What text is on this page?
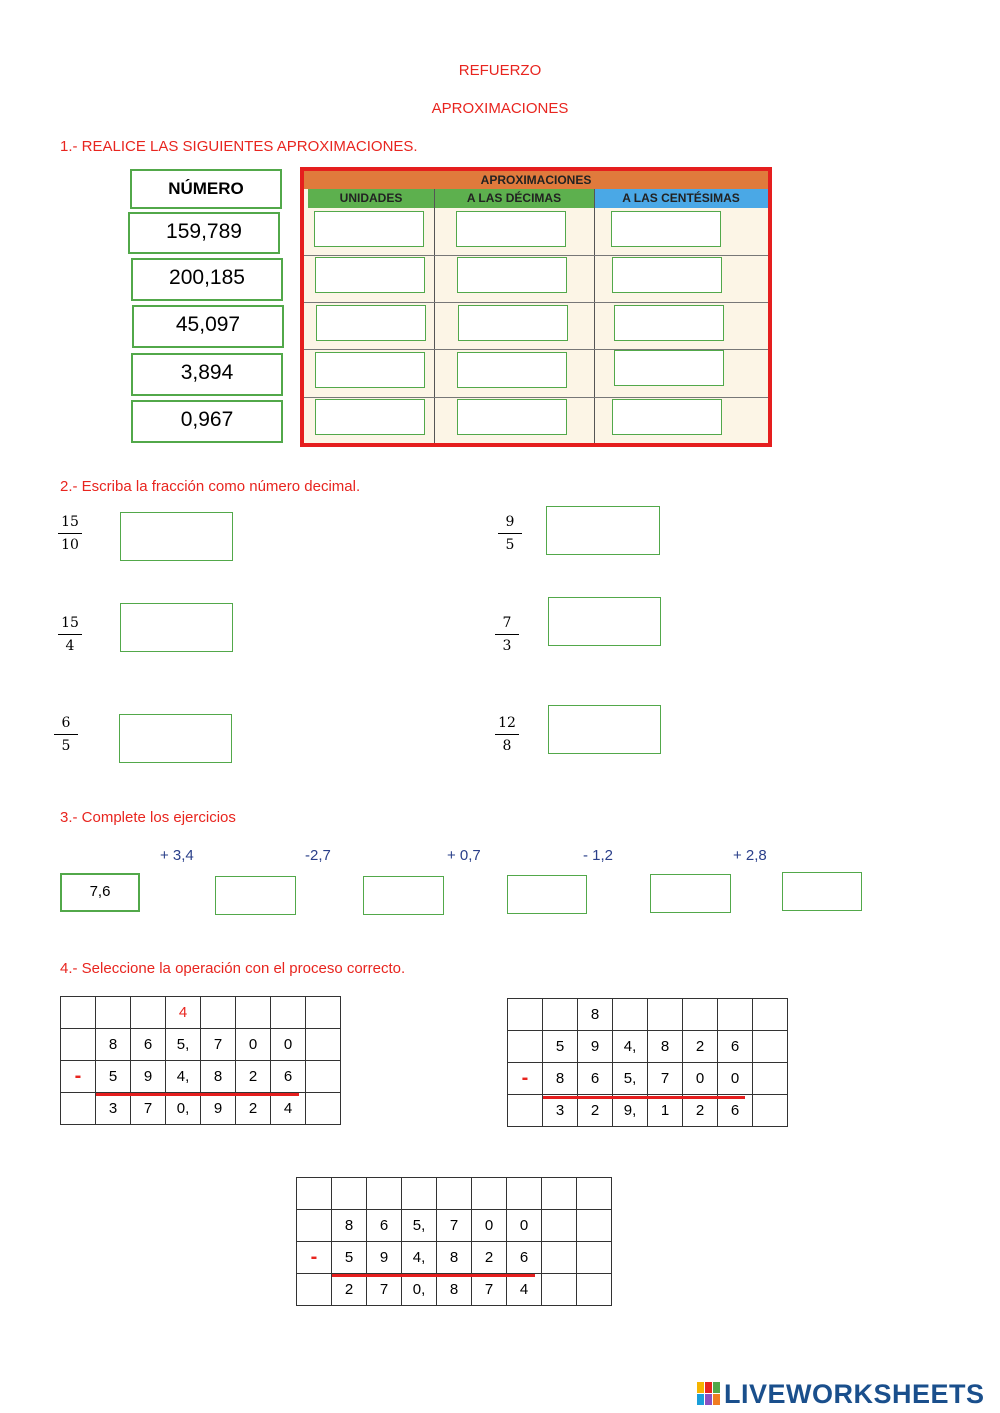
REFUERZO
APROXIMACIONES
1.- REALICE LAS SIGUIENTES APROXIMACIONES.
NÚMERO
159,789
200,185
45,097
3,894
0,967
APROXIMACIONES
UNIDADES	A LAS DÉCIMAS	A LAS CENTÉSIMAS
2.- Escriba la fracción como número decimal.
15
10
9
5
15
4
7
3
6
5
12
8
3.- Complete los ejercicios
+ 3,4	-2,7	+ 0,7	- 1,2	+ 2,8
7,6
4.- Seleccione la operación con el proceso correcto.
			4				
	8	6	5,	7	0	0	
-	5	9	4,	8	2	6	
	3	7	0,	9	2	4	
		8					
	5	9	4,	8	2	6	
-	8	6	5,	7	0	0	
	3	2	9,	1	2	6	

	8	6	5,	7	0	0		
-	5	9	4,	8	2	6		
	2	7	0,	8	7	4		
LIVEWORKSHEETS
